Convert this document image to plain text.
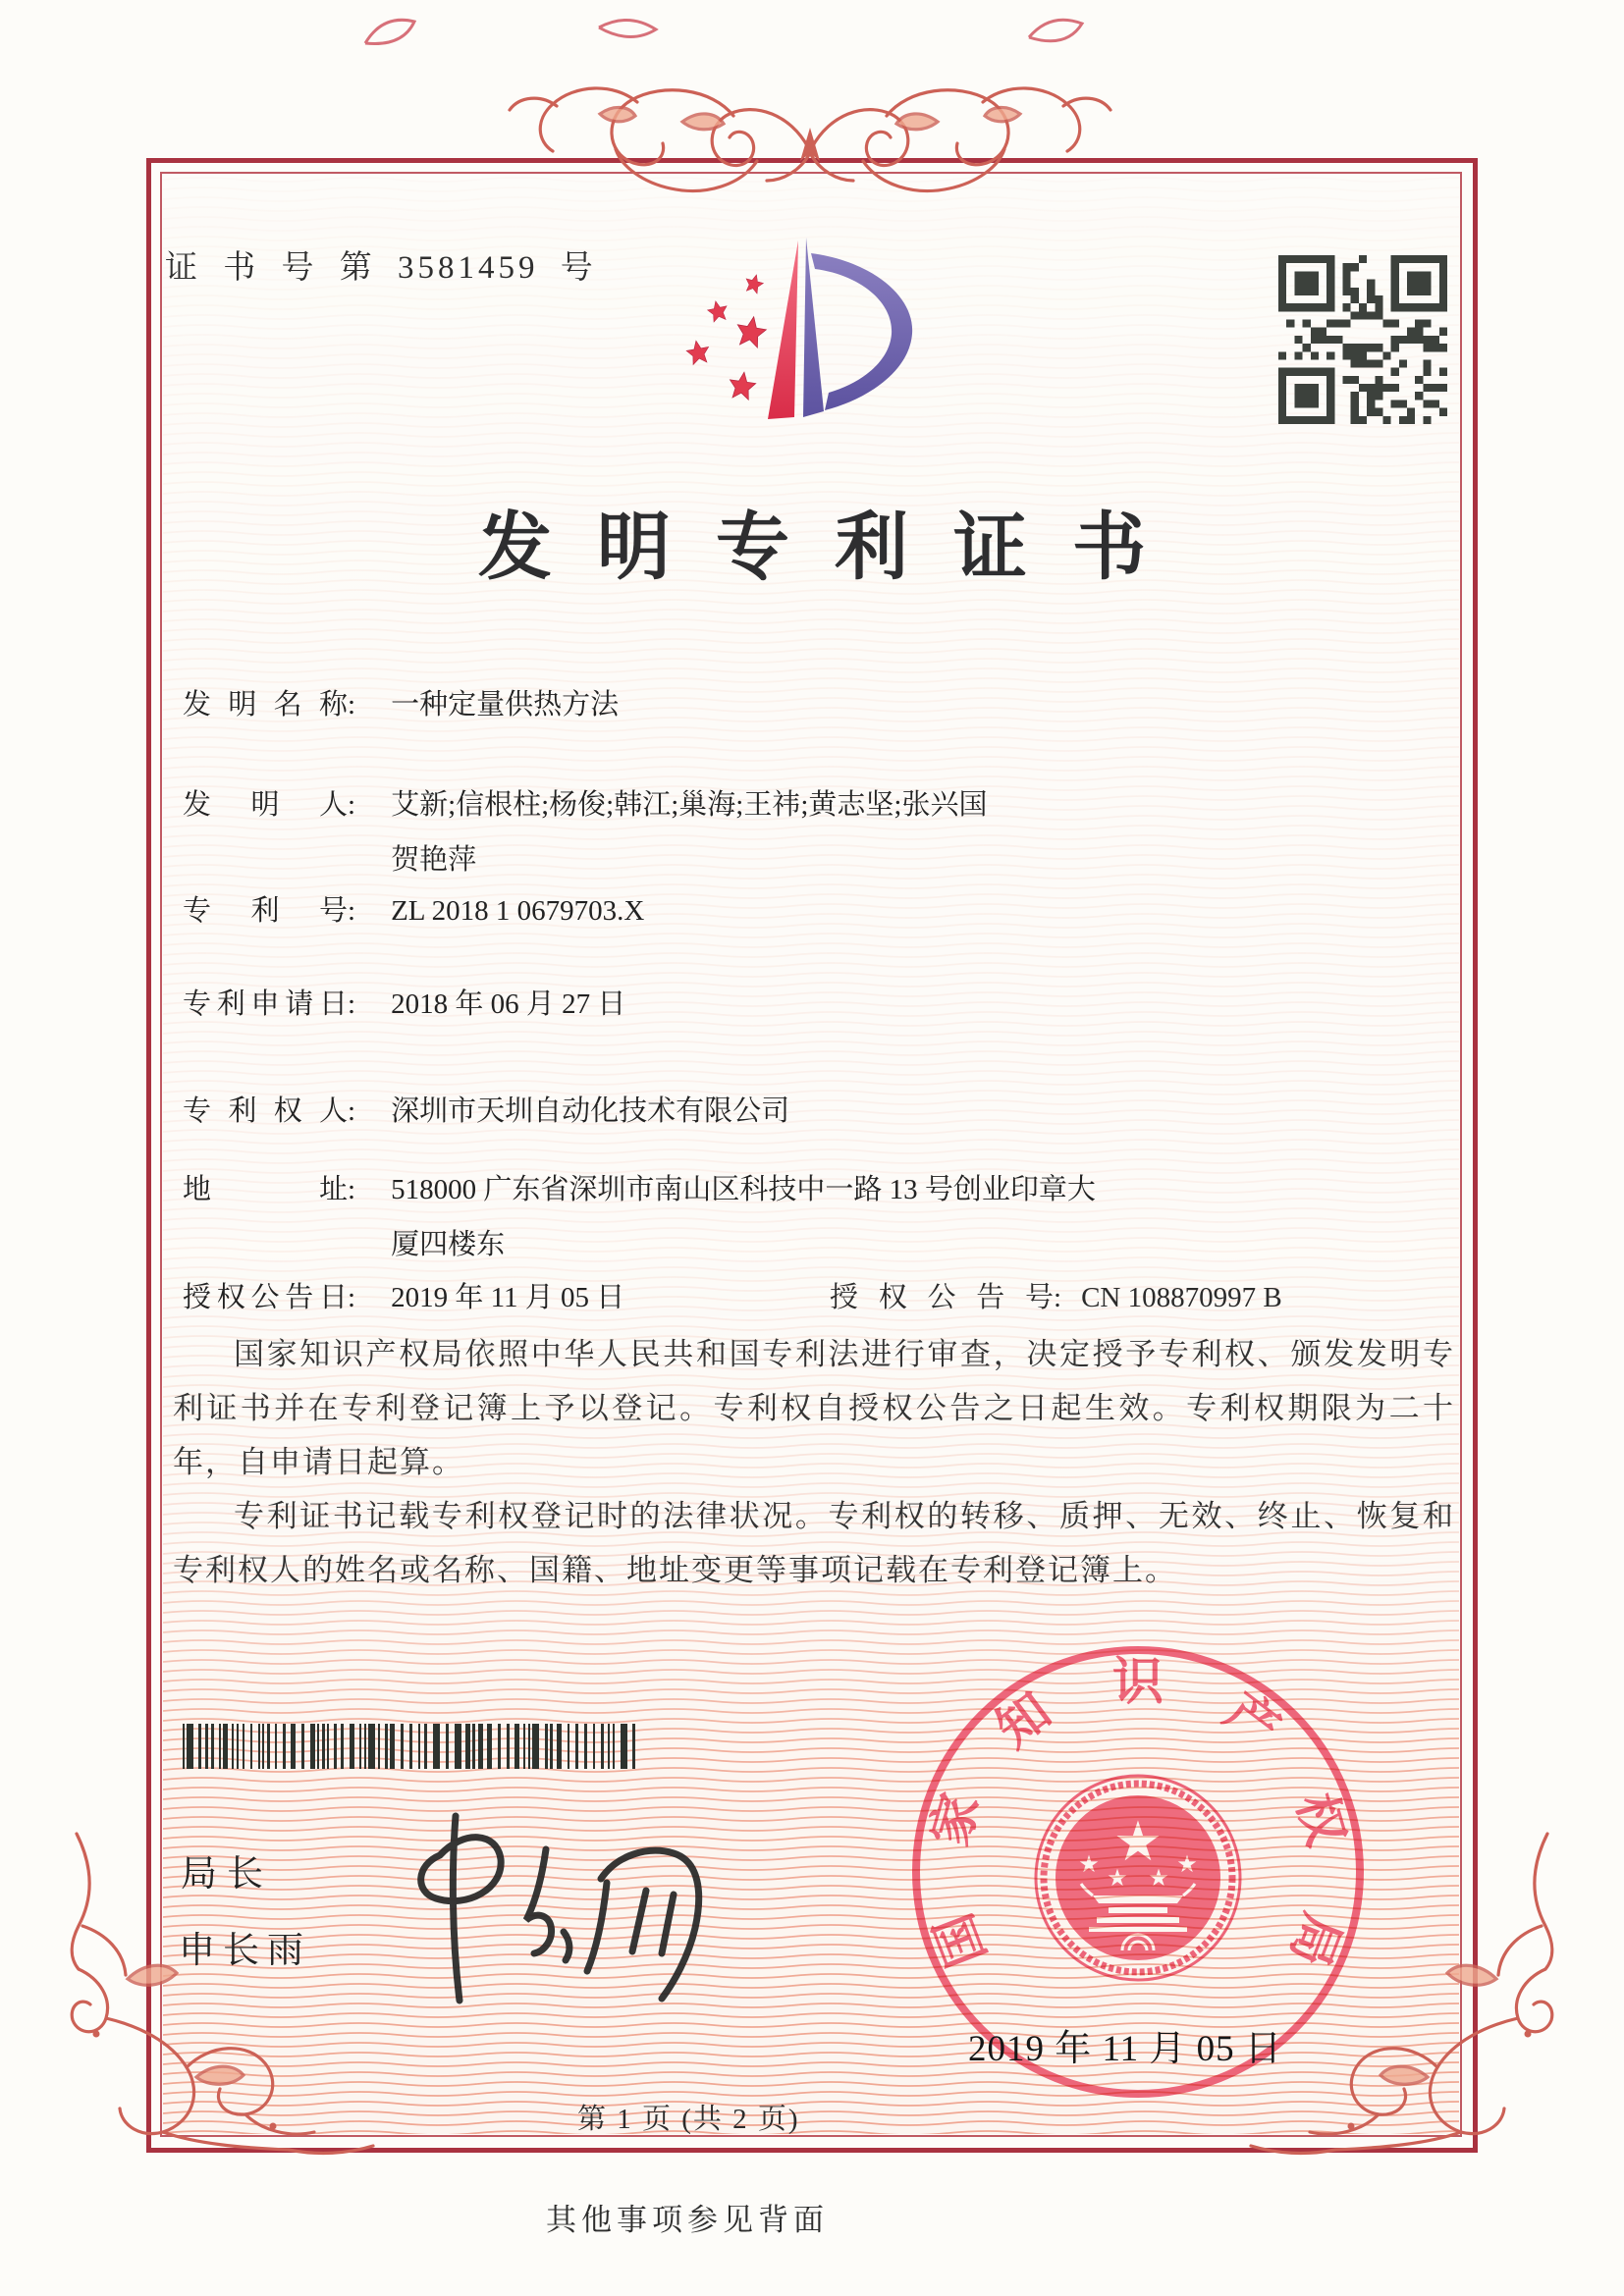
证 书 号 第 3581459 号
发明专利证书
发明名称 : 一种定量供热方法
发明人 : 艾新;信根柱;杨俊;韩江;巢海;王祎;黄志坚;张兴国
贺艳萍
专利号 : ZL 2018 1 0679703.X
专利申请日 : 2018 年 06 月 27 日
专利权人 : 深圳市天圳自动化技术有限公司
地址 : 518000 广东省深圳市南山区科技中一路 13 号创业印章大
厦四楼东
授权公告日 : 2019 年 11 月 05 日	授权公告号 : CN 108870997 B

国家知识产权局依照中华人民共和国专利法进行审查，决定授予专利权、颁发发明专利证书并在专利登记簿上予以登记。专利权自授权公告之日起生效。专利权期限为二十年，自申请日起算。

专利证书记载专利权登记时的法律状况。专利权的转移、质押、无效、终止、恢复和专利权人的姓名或名称、国籍、地址变更等事项记载在专利登记簿上。

局长
申长雨	国
家
知
识
产
权
局
★
★ ★ ★ ★
2019 年 11 月 05 日
第 1 页 (共 2 页)
其他事项参见背面
